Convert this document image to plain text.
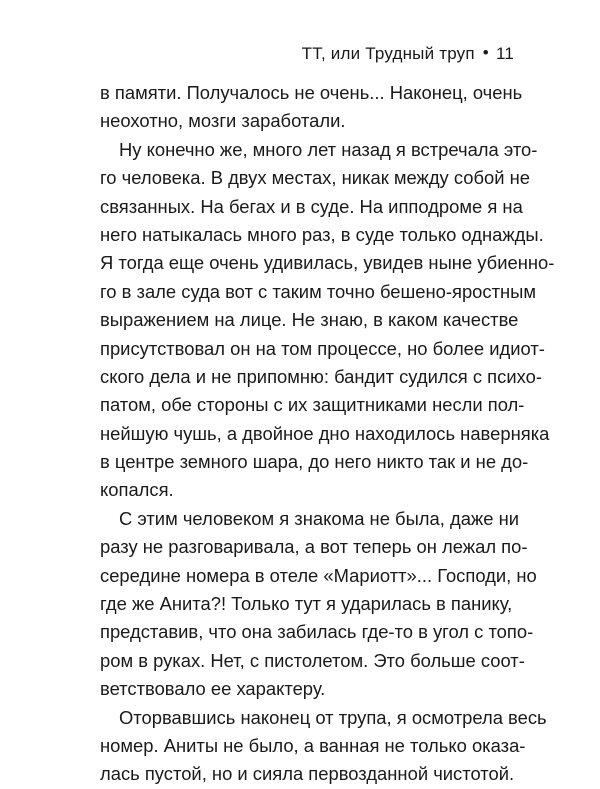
ТТ, или Трудный труп • 11
в памяти. Получалось не очень... Наконец, очень
неохотно, мозги заработали.
Ну конечно же, много лет назад я встречала это-
го человека. В двух местах, никак между собой не
связанных. На бегах и в суде. На ипподроме я на
него натыкалась много раз, в суде только однажды.
Я тогда еще очень удивилась, увидев ныне убиенно-
го в зале суда вот с таким точно бешено-яростным
выражением на лице. Не знаю, в каком качестве
присутствовал он на том процессе, но более идиот-
ского дела и не припомню: бандит судился с психо-
патом, обе стороны с их защитниками несли пол-
нейшую чушь, а двойное дно находилось наверняка
в центре земного шара, до него никто так и не до-
копался.
С этим человеком я знакома не была, даже ни
разу не разговаривала, а вот теперь он лежал по-
середине номера в отеле «Мариотт»... Господи, но
где же Анита?! Только тут я ударилась в панику,
представив, что она забилась где-то в угол с топо-
ром в руках. Нет, с пистолетом. Это больше соот-
ветствовало ее характеру.
Оторвавшись наконец от трупа, я осмотрела весь
номер. Аниты не было, а ванная не только оказа-
лась пустой, но и сияла первозданной чистотой.
